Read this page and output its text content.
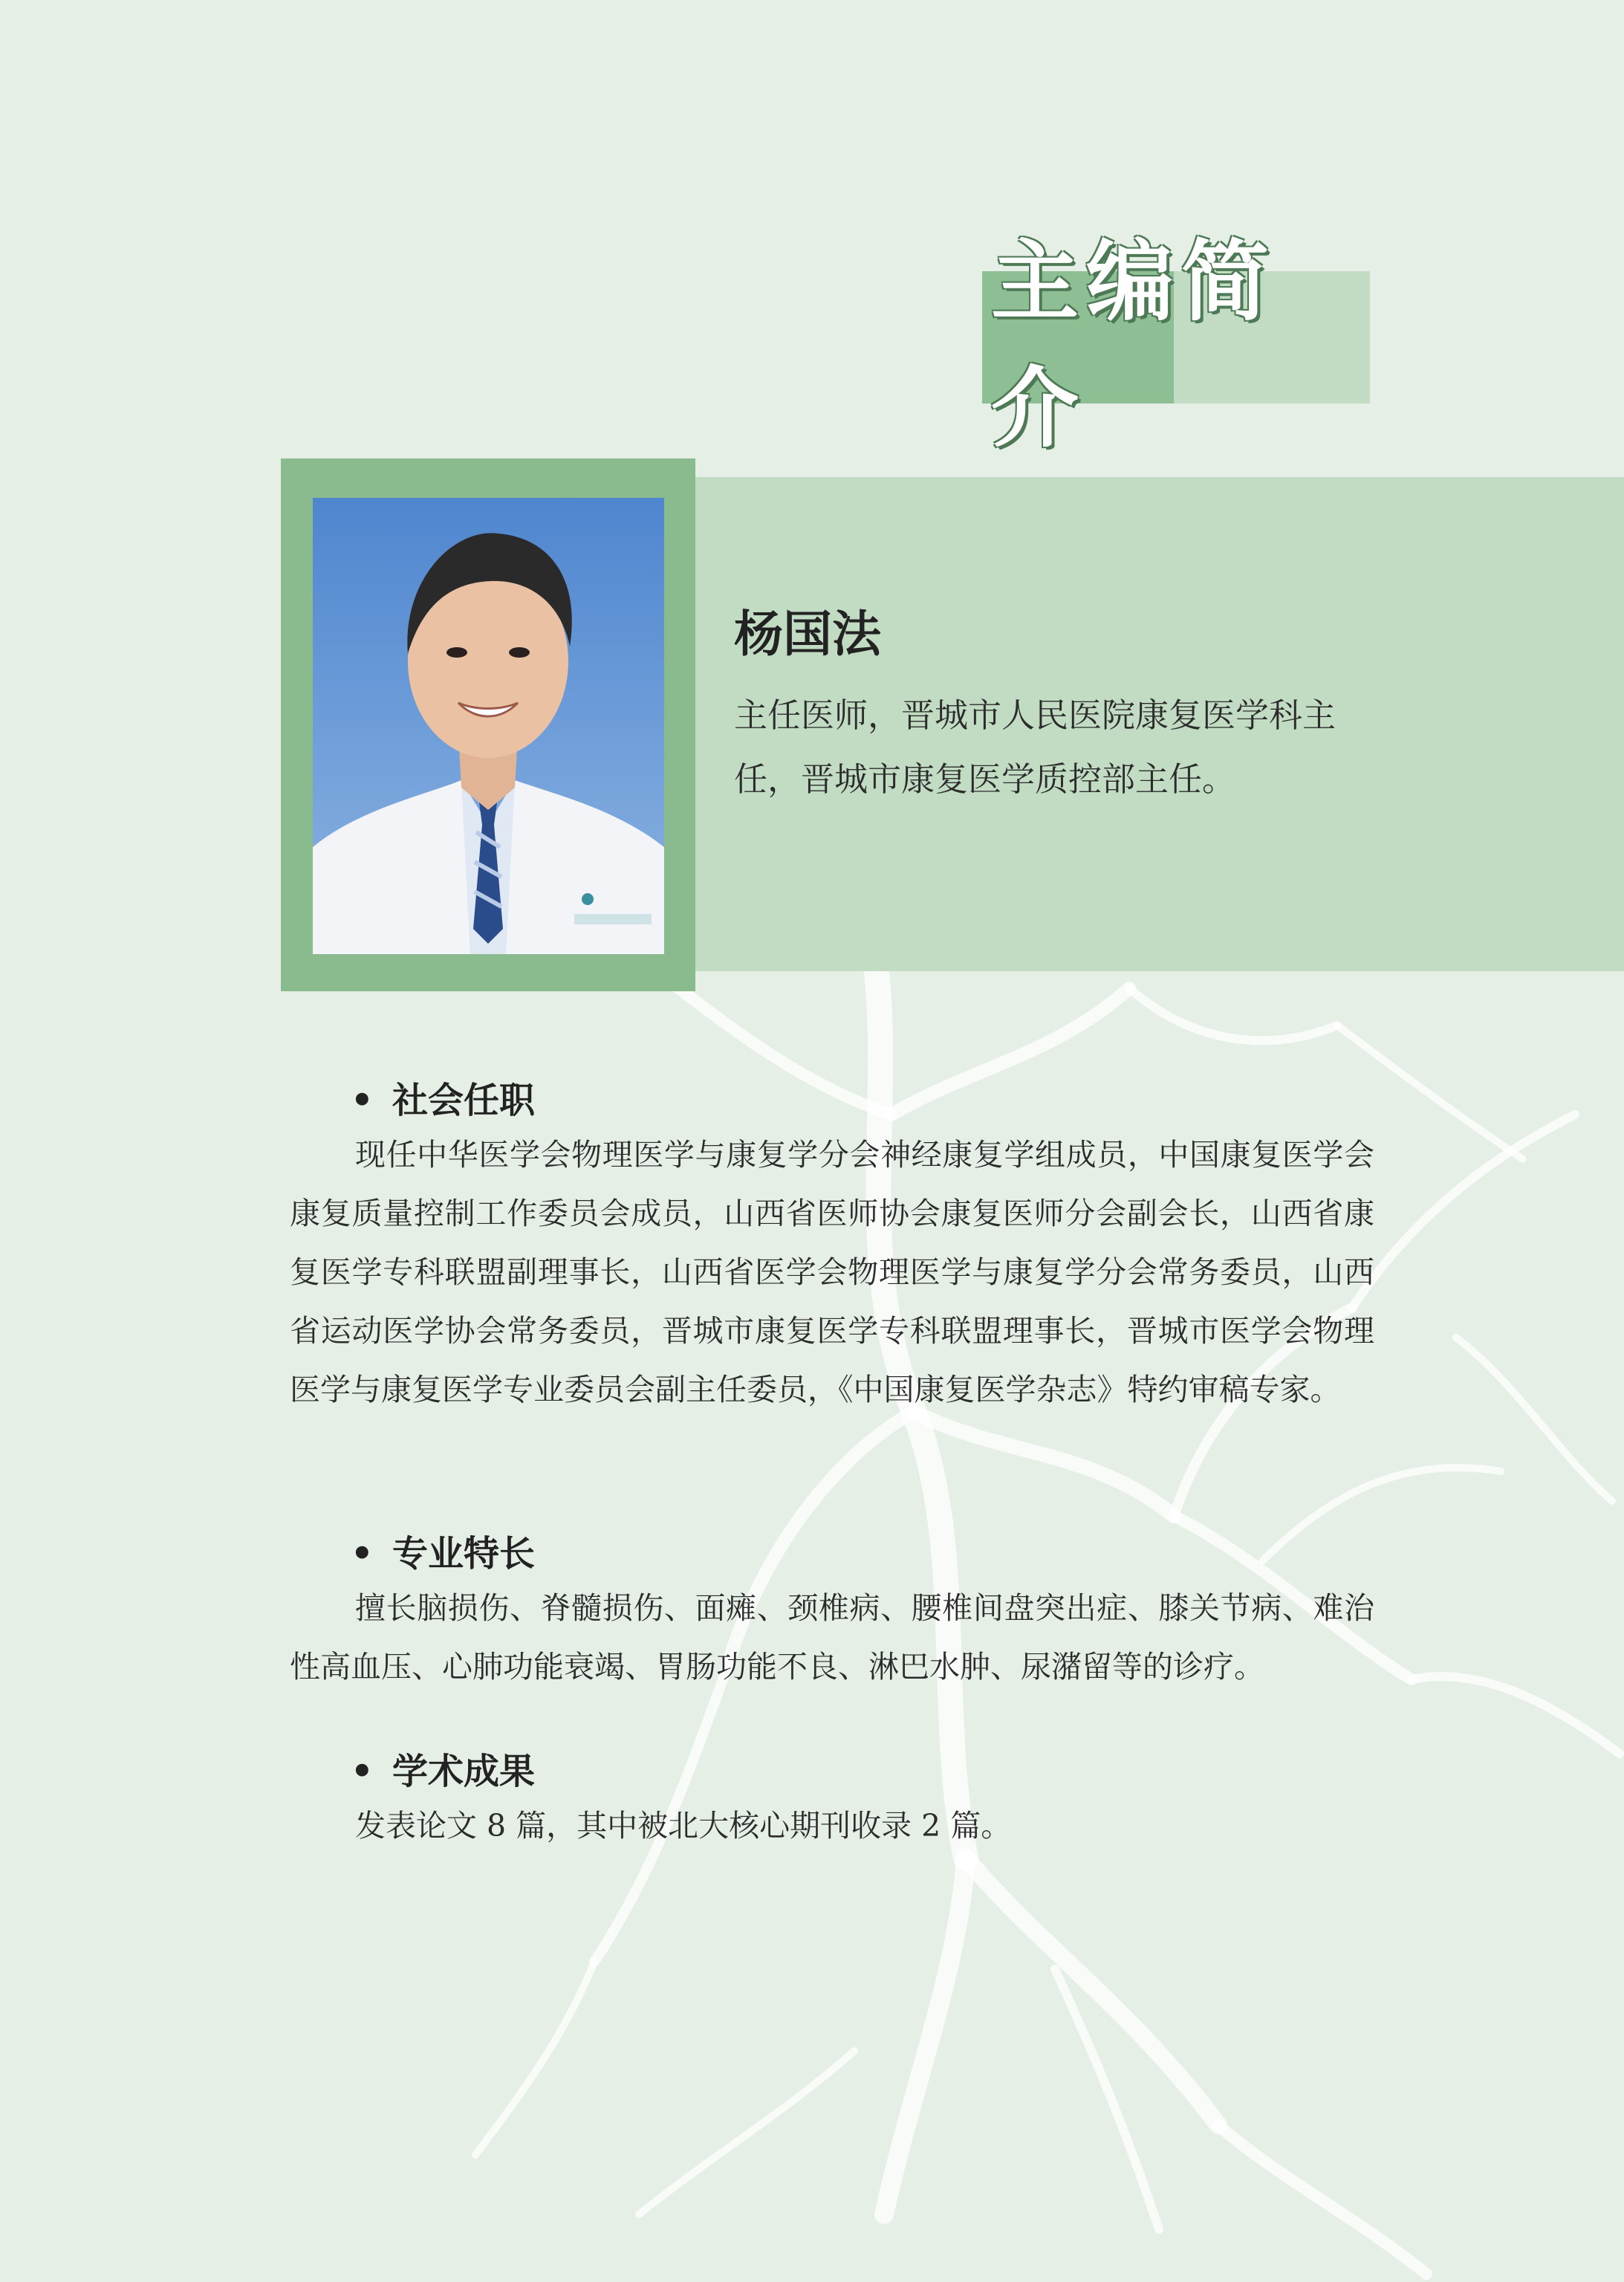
主编简介
杨国法
主任医师，晋城市人民医院康复医学科主任，晋城市康复医学质控部主任。
• 社会任职
现任中华医学会物理医学与康复学分会神经康复学组成员，中国康复医学会康复质量控制工作委员会成员，山西省医师协会康复医师分会副会长，山西省康复医学专科联盟副理事长，山西省医学会物理医学与康复学分会常务委员，山西省运动医学协会常务委员，晋城市康复医学专科联盟理事长，晋城市医学会物理医学与康复医学专业委员会副主任委员，《中国康复医学杂志》特约审稿专家。
• 专业特长
擅长脑损伤、脊髓损伤、面瘫、颈椎病、腰椎间盘突出症、膝关节病、难治性高血压、心肺功能衰竭、胃肠功能不良、淋巴水肿、尿潴留等的诊疗。
• 学术成果
发表论文 8 篇，其中被北大核心期刊收录 2 篇。
